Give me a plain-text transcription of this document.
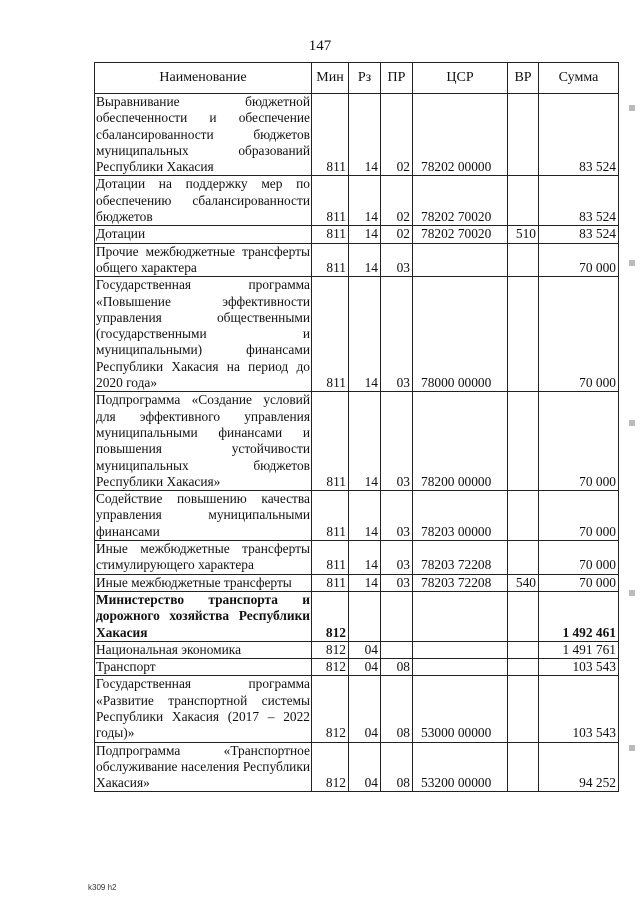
147
Наименование	Мин	Рз	ПР	ЦСР	ВР	Сумма
Выравнивание бюджетной обеспеченности и обеспечение сбалансированности бюджетов муниципальных образований Республики Хакасия	811	14	02	78202 00000		83 524
Дотации на поддержку мер по обеспечению сбалансированности бюджетов	811	14	02	78202 70020		83 524
Дотации	811	14	02	78202 70020	510	83 524
Прочие межбюджетные трансферты общего характера	811	14	03			70 000
Государственная программа «Повышение эффективности управления общественными (государственными и муниципальными) финансами Республики Хакасия на период до 2020 года»	811	14	03	78000 00000		70 000
Подпрограмма «Создание условий для эффективного управления муниципальными финансами и повышения устойчивости муниципальных бюджетов Республики Хакасия»	811	14	03	78200 00000		70 000
Содействие повышению качества управления муниципальными финансами	811	14	03	78203 00000		70 000
Иные межбюджетные трансферты стимулирующего характера	811	14	03	78203 72208		70 000
Иные межбюджетные трансферты	811	14	03	78203 72208	540	70 000
Министерство транспорта и дорожного хозяйства Республики Хакасия	812					1 492 461
Национальная экономика	812	04				1 491 761
Транспорт	812	04	08			103 543
Государственная программа «Развитие транспортной системы Республики Хакасия (2017 – 2022 годы)»	812	04	08	53000 00000		103 543
Подпрограмма «Транспортное обслуживание населения Республики Хакасия»	812	04	08	53200 00000		94 252
k309 h2
